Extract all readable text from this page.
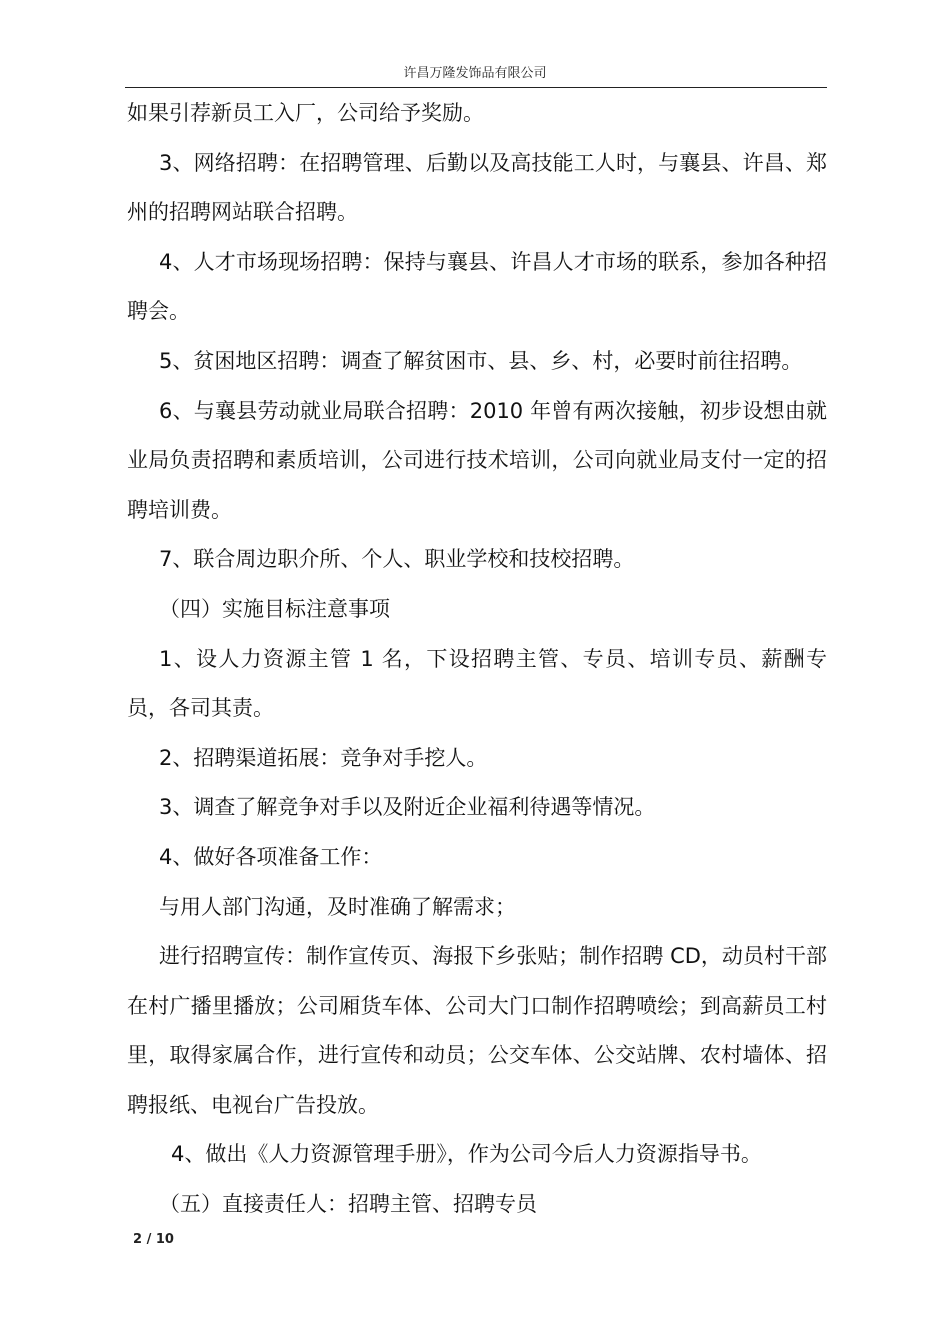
许昌万隆发饰品有限公司

如果引荐新员工入厂，公司给予奖励。

3、网络招聘：在招聘管理、后勤以及高技能工人时，与襄县、许昌、郑州的招聘网站联合招聘。

4、人才市场现场招聘：保持与襄县、许昌人才市场的联系，参加各种招聘会。

5、贫困地区招聘：调查了解贫困市、县、乡、村，必要时前往招聘。

6、与襄县劳动就业局联合招聘：2010 年曾有两次接触，初步设想由就业局负责招聘和素质培训，公司进行技术培训，公司向就业局支付一定的招聘培训费。

7、联合周边职介所、个人、职业学校和技校招聘。

（四）实施目标注意事项

1、设人力资源主管 1 名，下设招聘主管、专员、培训专员、薪酬专员，各司其责。

2、招聘渠道拓展：竞争对手挖人。

3、调查了解竞争对手以及附近企业福利待遇等情况。

4、做好各项准备工作：

与用人部门沟通，及时准确了解需求；

进行招聘宣传：制作宣传页、海报下乡张贴；制作招聘 CD，动员村干部在村广播里播放；公司厢货车体、公司大门口制作招聘喷绘；到高薪员工村里，取得家属合作，进行宣传和动员；公交车体、公交站牌、农村墙体、招聘报纸、电视台广告投放。

4、做出《人力资源管理手册》，作为公司今后人力资源指导书。

（五）直接责任人：招聘主管、招聘专员

2 / 10
